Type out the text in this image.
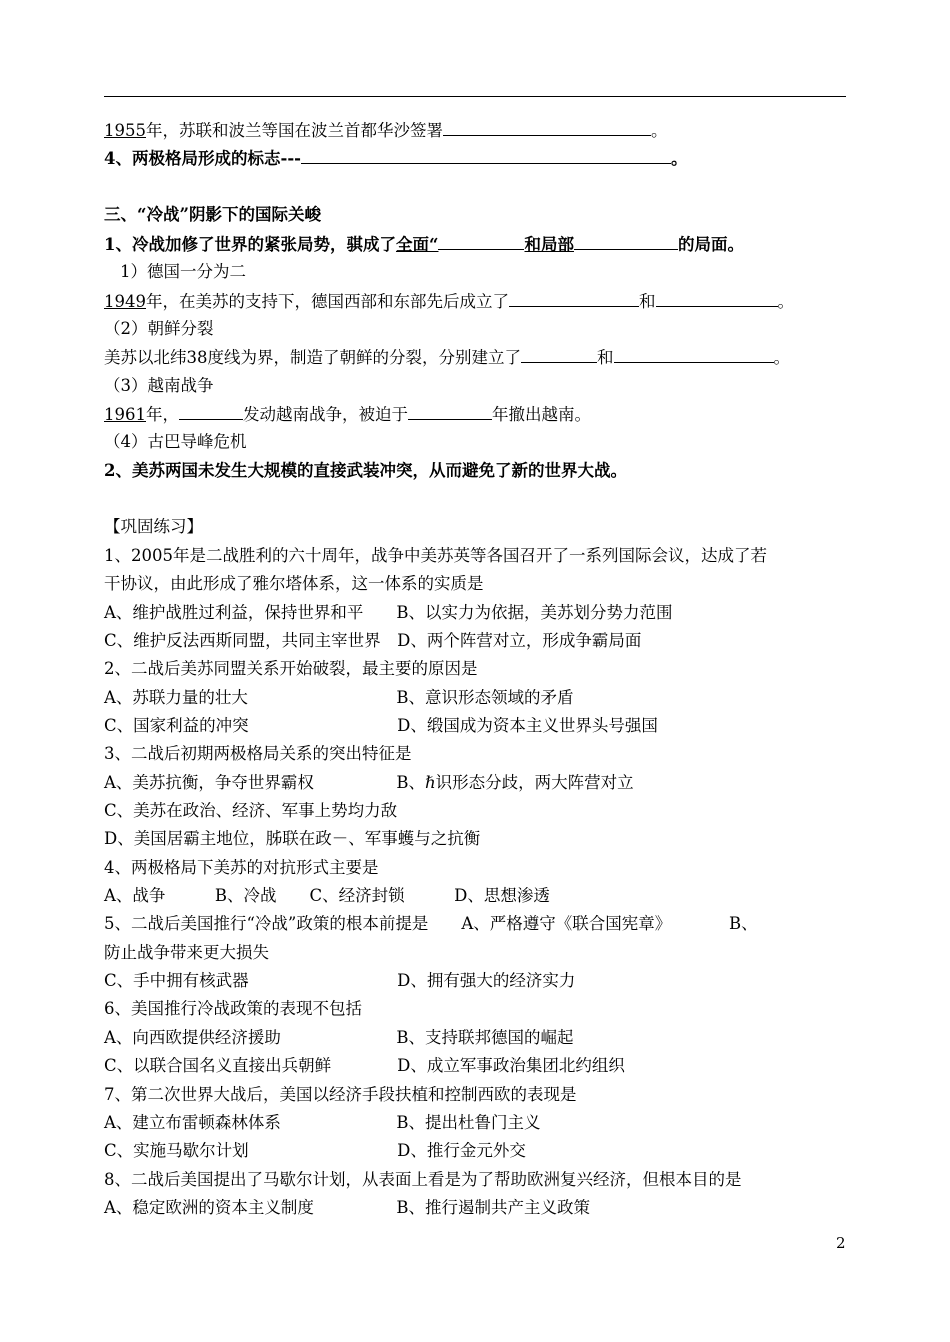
1955年，苏联和波兰等国在波兰首都华沙签署	。
4、两极格局形成的标志---	。
三、“冷战”阴影下的国际关峻
1、冷战加修了世界的紧张局势，骐成了全面“	和局部	的局面。
1）德国一分为二
1949年，在美苏的支持下，德国西部和东部先后成立了	和	。
（2）朝鲜分裂
美苏以北纬38度线为界，制造了朝鲜的分裂，分别建立了	和	。
（3）越南战争
1961年，	发动越南战争，被迫于	年撤出越南。
（4）古巴导峰危机
2、美苏两国未发生大规模的直接武装冲突，从而避免了新的世界大战。
【巩固练习】
1、2005年是二战胜利的六十周年，战争中美苏英等各国召开了一系列国际会议，达成了若
干协议，由此形成了雅尔塔体系，这一体系的实质是
A、维护战胜过利益，保持世界和平　　B、以实力为依据，美苏划分势力范围
C、维护反法西斯同盟，共同主宰世界　D、两个阵营对立，形成争霸局面
2、二战后美苏同盟关系开始破裂，最主要的原因是
A、苏联力量的壮大　　　　　　　　　B、意识形态领域的矛盾
C、国家利益的冲突　　　　　　　　　D、缎国成为资本主义世界头号强国
3、二战后初期两极格局关系的突出特征是
A、美苏抗衡，争夺世界霸权　　　　　B、ℏ识形态分歧，两大阵营对立
C、美苏在政治、经济、军事上势均力敌
D、美国居霸主地位，胏联在政－、军事蠖与之抗衡
4、两极格局下美苏的对抗形式主要是
A、战争　　　B、冷战　　C、经济封锁　　　D、思想渗透
5、二战后美国推行“冷战”政策的根本前提是　　A、严格遵守《联合国宪章》　　　　B、
防止战争带来更大损失
C、手中拥有核武器　　　　　　　　　D、拥有强大的经济实力
6、美国推行冷战政策的表现不包括
A、向西欧提供经济援助　　　　　　　B、支持联邦德国的崛起
C、以联合国名义直接出兵朝鲜　　　　D、成立军事政治集团北约组织
7、第二次世界大战后，美国以经济手段扶植和控制西欧的表现是
A、建立布雷顿森林体系　　　　　　　B、提出杜鲁门主义
C、实施马歇尔计划　　　　　　　　　D、推行金元外交
8、二战后美国提出了马歇尔计划，从表面上看是为了帮助欧洲复兴经济，但根本目的是
A、稳定欧洲的资本主义制度　　　　　B、推行遏制共产主义政策
2
